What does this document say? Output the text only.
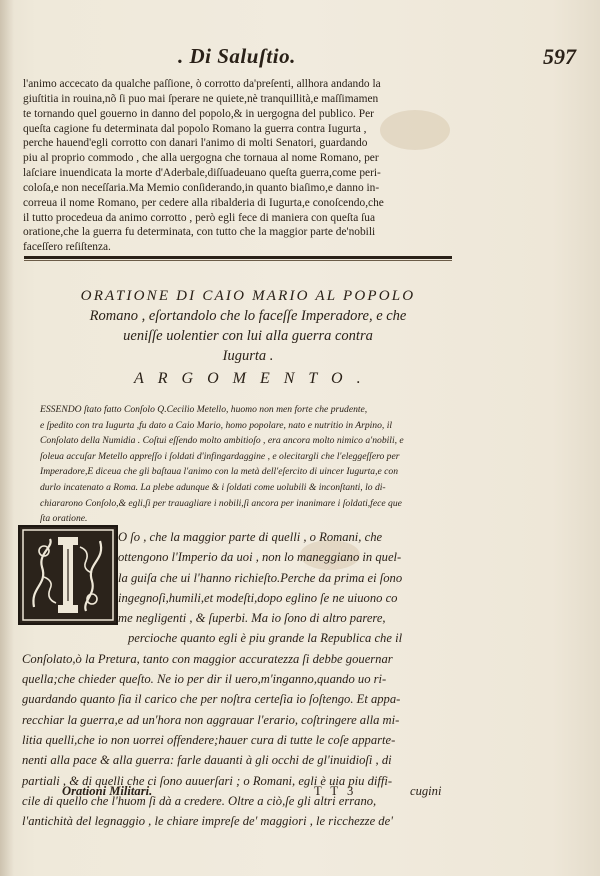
. Di Saluſtio.	597
l'animo accecato da qualche paſſione, ò corrotto da'preſenti, allhora andando la
giuſtitia in rouina,nõ ſi puo mai ſperare ne quiete,nè tranquillità,e maſſimamen
te tornando quel gouerno in danno del popolo,& in uergogna del publico. Per
queſta cagione fu determinata dal popolo Romano la guerra contra Iugurta ,
perche hauend'egli corrotto con danari l'animo di molti Senatori, guardando
piu al proprio commodo , che alla uergogna che tornaua al nome Romano, per
laſciare inuendicata la morte d'Aderbale,diſſuadeuano queſta guerra,come peri-
coloſa,e non neceſſaria.Ma Memio conſiderando,in quanto biaſimo,e danno in-
correua il nome Romano, per cedere alla ribalderia di Iugurta,e conoſcendo,che
il tutto procedeua da animo corrotto , però egli fece di maniera con queſta ſua
oratione,che la guerra fu determinata, con tutto che la maggior parte de'nobili
faceſſero reſiſtenza.
ORATIONE DI CAIO MARIO AL POPOLO
Romano , eſortandolo che lo faceſſe Imperadore, e che
ueniſſe uolentier con lui alla guerra contra
Iugurta .
ARGOMENTO.
ESSENDO ſtato fatto Conſolo Q.Cecilio Metello, huomo non men forte che prudente,
e ſpedito con tra Iugurta ,fu dato a Caio Mario, homo popolare, nato e nutritio in Arpino, il
Conſolato della Numidia . Coſtui eſſendo molto ambitioſo , era ancora molto nimico a'nobili, e
ſoleua accuſar Metello appreſſo i ſoldati d'infingardaggine , e olecitargli che l'eleggeſſero per
Imperadore,E diceua che gli baſtaua l'animo con la metà dell'eſercito di uincer Iugurta,e con
durlo incatenato a Roma. La plebe adunque & i ſoldati come uolubili & inconſtanti, lo di-
chiararono Conſolo,& egli,ſi per trauagliare i nobili,ſi ancora per inanimare i ſoldati,fece que
ſta oratione.
O ſo , che la maggior parte di quelli , o Romani, che
ottengono l'Imperio da uoi , non lo maneggiano in quel-
la guiſa che ui l'hanno richieſto.Perche da prima ei ſono
ingegnoſi,humili,et modeſti,dopo eglino ſe ne uiuono co
me negligenti , & ſuperbi. Ma io ſono di altro parere,
percioche quanto egli è piu grande la Republica che il
Conſolato,ò la Pretura, tanto con maggior accuratezza ſi debbe gouernar
quella;che chieder queſto. Ne io per dir il uero,m'inganno,quando uo ri-
guardando quanto ſia il carico che per noſtra certeſia io ſoſtengo. Et appa-
recchiar la guerra,e ad un'hora non aggrauar l'erario, coſtringere alla mi-
litia quelli,che io non uorrei offendere;hauer cura di tutte le coſe apparte-
nenti alla pace & alla guerra: farle dauanti à gli occhi de gl'inuidioſi , di
partiali , & di quelli che ci ſono auuerſari ; o Romani, egli è uia piu diffi-
cile di quello che l'huom ſi dà a credere. Oltre a ciò,ſe gli altri errano,
l'antichità del legnaggio , le chiare impreſe de' maggiori , le ricchezze de'
Orationi Militari.	T T 3	cugini
